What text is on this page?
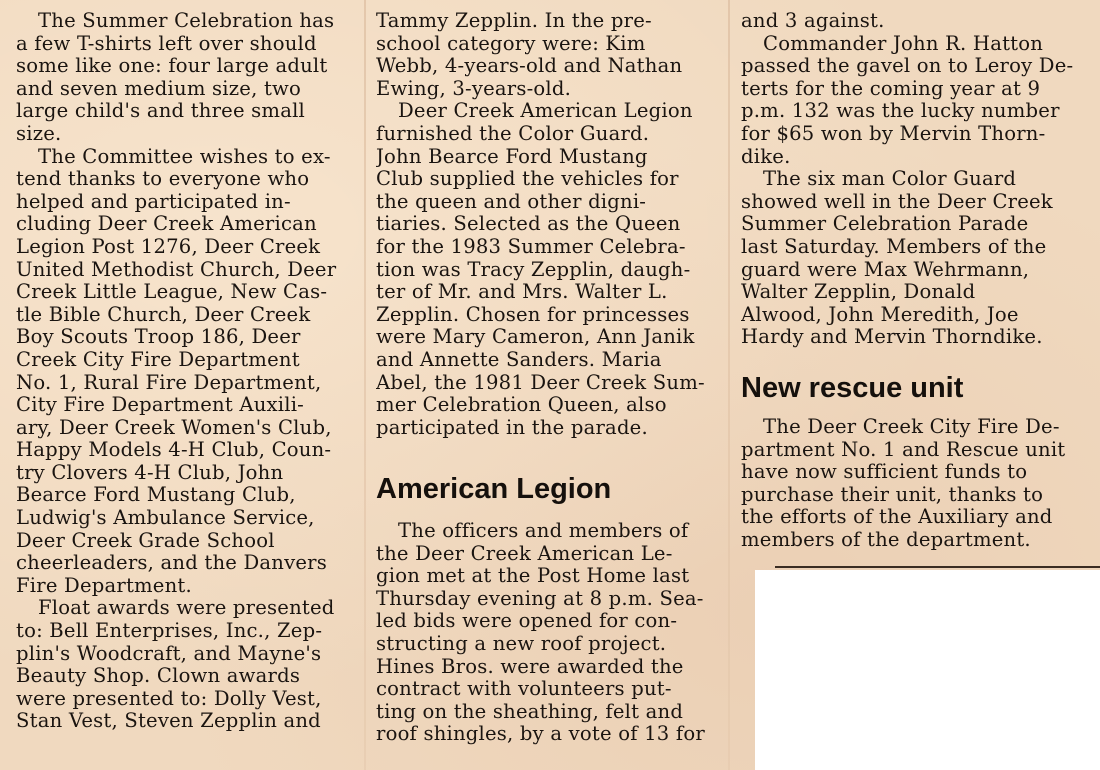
The Summer Celebration has
a few T-shirts left over should
some like one: four large adult
and seven medium size, two
large child's and three small
size.
The Committee wishes to ex-
tend thanks to everyone who
helped and participated in-
cluding Deer Creek American
Legion Post 1276, Deer Creek
United Methodist Church, Deer
Creek Little League, New Cas-
tle Bible Church, Deer Creek
Boy Scouts Troop 186, Deer
Creek City Fire Department
No. 1, Rural Fire Department,
City Fire Department Auxili-
ary, Deer Creek Women's Club,
Happy Models 4-H Club, Coun-
try Clovers 4-H Club, John
Bearce Ford Mustang Club,
Ludwig's Ambulance Service,
Deer Creek Grade School
cheerleaders, and the Danvers
Fire Department.
Float awards were presented
to: Bell Enterprises, Inc., Zep-
plin's Woodcraft, and Mayne's
Beauty Shop. Clown awards
were presented to: Dolly Vest,
Stan Vest, Steven Zepplin and
Tammy Zepplin. In the pre-
school category were: Kim
Webb, 4-years-old and Nathan
Ewing, 3-years-old.
Deer Creek American Legion
furnished the Color Guard.
John Bearce Ford Mustang
Club supplied the vehicles for
the queen and other digni-
tiaries. Selected as the Queen
for the 1983 Summer Celebra-
tion was Tracy Zepplin, daugh-
ter of Mr. and Mrs. Walter L.
Zepplin. Chosen for princesses
were Mary Cameron, Ann Janik
and Annette Sanders. Maria
Abel, the 1981 Deer Creek Sum-
mer Celebration Queen, also
participated in the parade.
American Legion
The officers and members of
the Deer Creek American Le-
gion met at the Post Home last
Thursday evening at 8 p.m. Sea-
led bids were opened for con-
structing a new roof project.
Hines Bros. were awarded the
contract with volunteers put-
ting on the sheathing, felt and
roof shingles, by a vote of 13 for
and 3 against.
Commander John R. Hatton
passed the gavel on to Leroy De-
terts for the coming year at 9
p.m. 132 was the lucky number
for $65 won by Mervin Thorn-
dike.
The six man Color Guard
showed well in the Deer Creek
Summer Celebration Parade
last Saturday. Members of the
guard were Max Wehrmann,
Walter Zepplin, Donald
Alwood, John Meredith, Joe
Hardy and Mervin Thorndike.
New rescue unit
The Deer Creek City Fire De-
partment No. 1 and Rescue unit
have now sufficient funds to
purchase their unit, thanks to
the efforts of the Auxiliary and
members of the department.
